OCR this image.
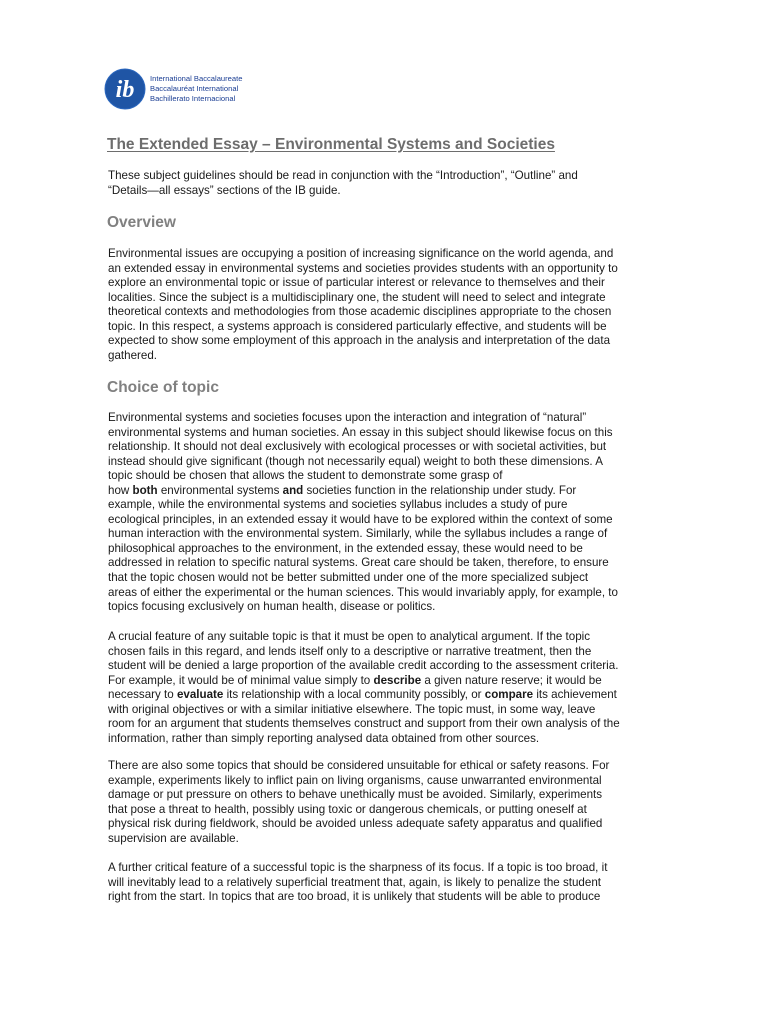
ib International Baccalaureate
Baccalauréat International
Bachillerato Internacional
The Extended Essay – Environmental Systems and Societies

These subject guidelines should be read in conjunction with the “Introduction”, “Outline” and
“Details—all essays” sections of the IB guide.

Overview

Environmental issues are occupying a position of increasing significance on the world agenda, and
an extended essay in environmental systems and societies provides students with an opportunity to
explore an environmental topic or issue of particular interest or relevance to themselves and their
localities. Since the subject is a multidisciplinary one, the student will need to select and integrate
theoretical contexts and methodologies from those academic disciplines appropriate to the chosen
topic. In this respect, a systems approach is considered particularly effective, and students will be
expected to show some employment of this approach in the analysis and interpretation of the data
gathered.

Choice of topic

Environmental systems and societies focuses upon the interaction and integration of “natural”
environmental systems and human societies. An essay in this subject should likewise focus on this
relationship. It should not deal exclusively with ecological processes or with societal activities, but
instead should give significant (though not necessarily equal) weight to both these dimensions. A
topic should be chosen that allows the student to demonstrate some grasp of
how both environmental systems and societies function in the relationship under study. For
example, while the environmental systems and societies syllabus includes a study of pure
ecological principles, in an extended essay it would have to be explored within the context of some
human interaction with the environmental system. Similarly, while the syllabus includes a range of
philosophical approaches to the environment, in the extended essay, these would need to be
addressed in relation to specific natural systems. Great care should be taken, therefore, to ensure
that the topic chosen would not be better submitted under one of the more specialized subject
areas of either the experimental or the human sciences. This would invariably apply, for example, to
topics focusing exclusively on human health, disease or politics.

A crucial feature of any suitable topic is that it must be open to analytical argument. If the topic
chosen fails in this regard, and lends itself only to a descriptive or narrative treatment, then the
student will be denied a large proportion of the available credit according to the assessment criteria.
For example, it would be of minimal value simply to describe a given nature reserve; it would be
necessary to evaluate its relationship with a local community possibly, or compare its achievement
with original objectives or with a similar initiative elsewhere. The topic must, in some way, leave
room for an argument that students themselves construct and support from their own analysis of the
information, rather than simply reporting analysed data obtained from other sources.

There are also some topics that should be considered unsuitable for ethical or safety reasons. For
example, experiments likely to inflict pain on living organisms, cause unwarranted environmental
damage or put pressure on others to behave unethically must be avoided. Similarly, experiments
that pose a threat to health, possibly using toxic or dangerous chemicals, or putting oneself at
physical risk during fieldwork, should be avoided unless adequate safety apparatus and qualified
supervision are available.

A further critical feature of a successful topic is the sharpness of its focus. If a topic is too broad, it
will inevitably lead to a relatively superficial treatment that, again, is likely to penalize the student
right from the start. In topics that are too broad, it is unlikely that students will be able to produce
